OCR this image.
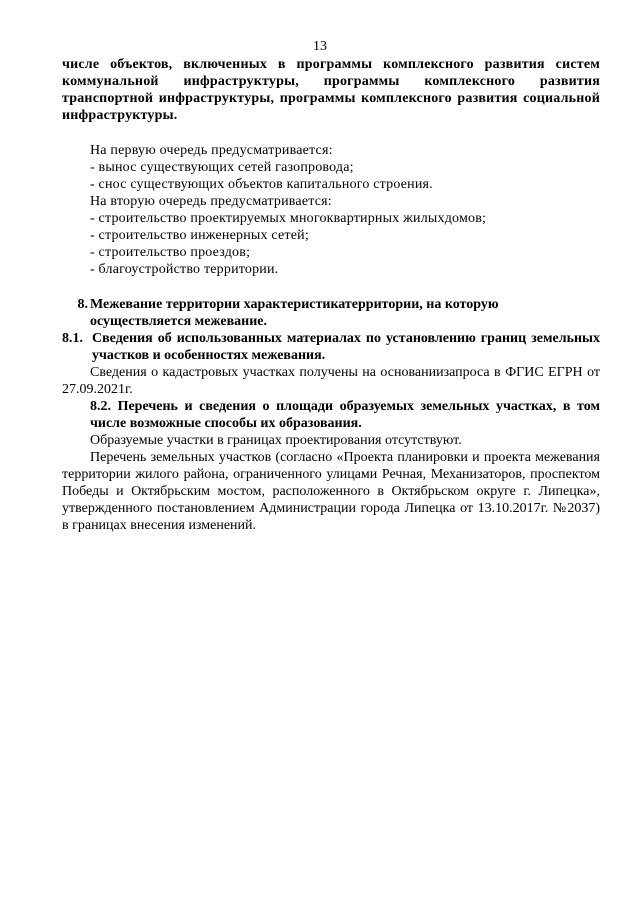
13

числе объектов, включенных в программы комплексного развития систем коммунальной инфраструктуры, программы комплексного развития транспортной инфраструктуры, программы комплексного развития социальной инфраструктуры.

На первую очередь предусматривается:

- вынос существующих сетей газопровода;

- снос существующих объектов капитального строения.

На вторую очередь предусматривается:

- строительство проектируемых многоквартирных жилыхдомов;

- строительство инженерных сетей;

- строительство проездов;

- благоустройство территории.

8. Межевание территории характеристикатерритории, на которую осуществляется межевание.
8.1. Сведения об использованных материалах по установлению границ земельных участков и особенностях межевания.

Сведения о кадастровых участках получены на основаниизапроса в ФГИС ЕГРН от 27.09.2021г.

8.2. Перечень и сведения о площади образуемых земельных участках, в том числе возможные способы их образования.

Образуемые участки в границах проектирования отсутствуют.

Перечень земельных участков (согласно «Проекта планировки и проекта межевания территории жилого района, ограниченного улицами Речная, Механизаторов, проспектом Победы и Октябрьским мостом, расположенного в Октябрьском округе г. Липецка», утвержденного постановлением Администрации города Липецка от 13.10.2017г. №2037) в границах внесения изменений.
